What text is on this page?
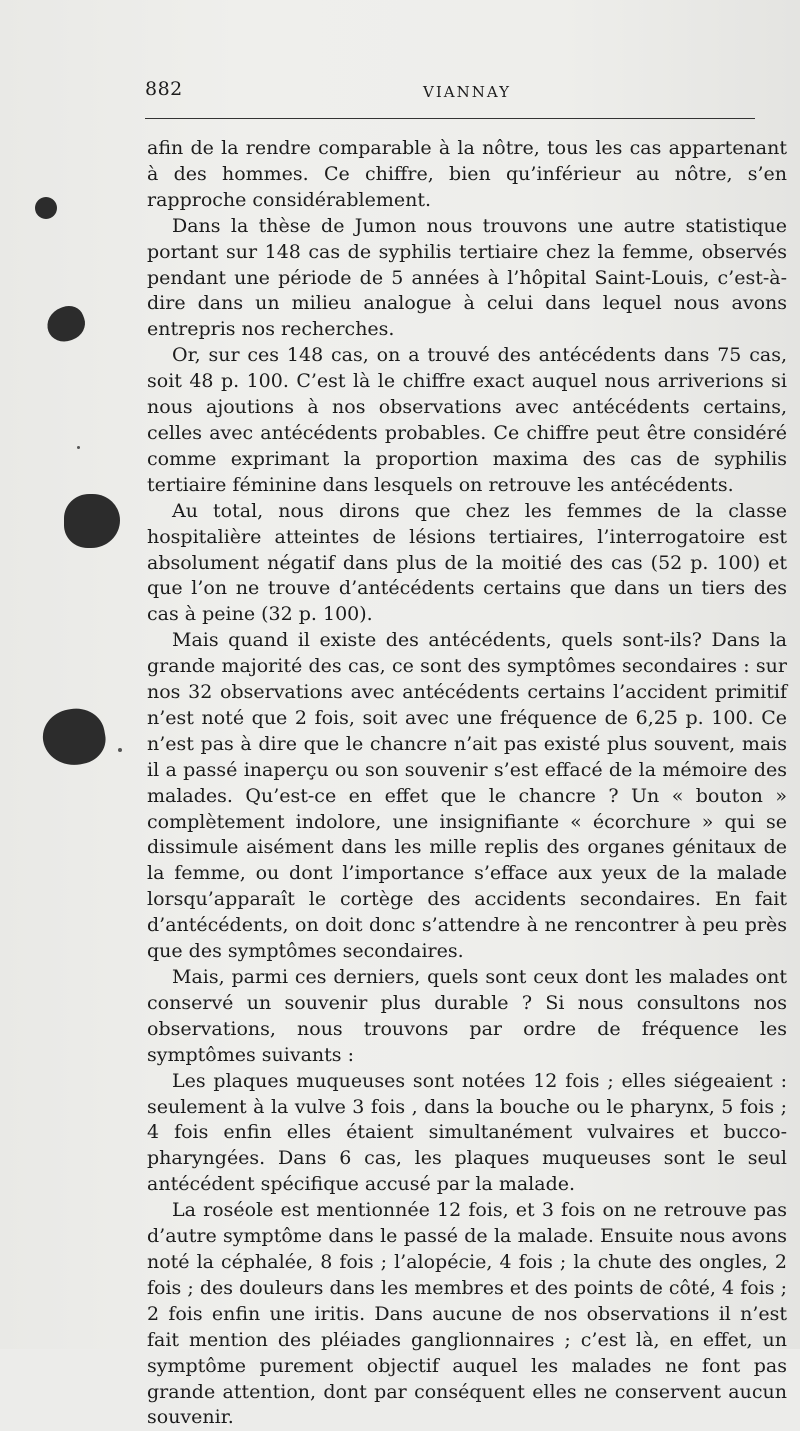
882	VIANNAY

afin de la rendre comparable à la nôtre, tous les cas appartenant à des hommes. Ce chiffre, bien qu’inférieur au nôtre, s’en rapproche considérablement.

Dans la thèse de Jumon nous trouvons une autre statistique portant sur 148 cas de syphilis tertiaire chez la femme, observés pendant une période de 5 années à l’hôpital Saint-Louis, c’est-à-dire dans un milieu analogue à celui dans lequel nous avons entrepris nos recherches.

Or, sur ces 148 cas, on a trouvé des antécédents dans 75 cas, soit 48 p. 100. C’est là le chiffre exact auquel nous arriverions si nous ajoutions à nos observations avec antécédents certains, celles avec antécédents probables. Ce chiffre peut être considéré comme exprimant la proportion maxima des cas de syphilis tertiaire féminine dans lesquels on retrouve les antécédents.

Au total, nous dirons que chez les femmes de la classe hospitalière atteintes de lésions tertiaires, l’interrogatoire est absolument négatif dans plus de la moitié des cas (52 p. 100) et que l’on ne trouve d’antécédents certains que dans un tiers des cas à peine (32 p. 100).

Mais quand il existe des antécédents, quels sont-ils? Dans la grande majorité des cas, ce sont des symptômes secondaires : sur nos 32 observations avec antécédents certains l’accident primitif n’est noté que 2 fois, soit avec une fréquence de 6,25 p. 100. Ce n’est pas à dire que le chancre n’ait pas existé plus souvent, mais il a passé inaperçu ou son souvenir s’est effacé de la mémoire des malades. Qu’est-ce en effet que le chancre ? Un « bouton » complètement indolore, une insignifiante « écorchure » qui se dissimule aisément dans les mille replis des organes génitaux de la femme, ou dont l’importance s’efface aux yeux de la malade lorsqu’apparaît le cortège des accidents secondaires. En fait d’antécédents, on doit donc s’attendre à ne rencontrer à peu près que des symptômes secondaires.

Mais, parmi ces derniers, quels sont ceux dont les malades ont conservé un souvenir plus durable ? Si nous consultons nos observations, nous trouvons par ordre de fréquence les symptômes suivants :

Les plaques muqueuses sont notées 12 fois ; elles siégeaient : seulement à la vulve 3 fois , dans la bouche ou le pharynx, 5 fois ; 4 fois enfin elles étaient simultanément vulvaires et bucco-pharyngées. Dans 6 cas, les plaques muqueuses sont le seul antécédent spécifique accusé par la malade.

La roséole est mentionnée 12 fois, et 3 fois on ne retrouve pas d’autre symptôme dans le passé de la malade. Ensuite nous avons noté la céphalée, 8 fois ; l’alopécie, 4 fois ; la chute des ongles, 2 fois ; des douleurs dans les membres et des points de côté, 4 fois ; 2 fois enfin une iritis. Dans aucune de nos observations il n’est fait mention des pléiades ganglionnaires ; c’est là, en effet, un symptôme purement objectif auquel les malades ne font pas grande attention, dont par conséquent elles ne conservent aucun souvenir.
